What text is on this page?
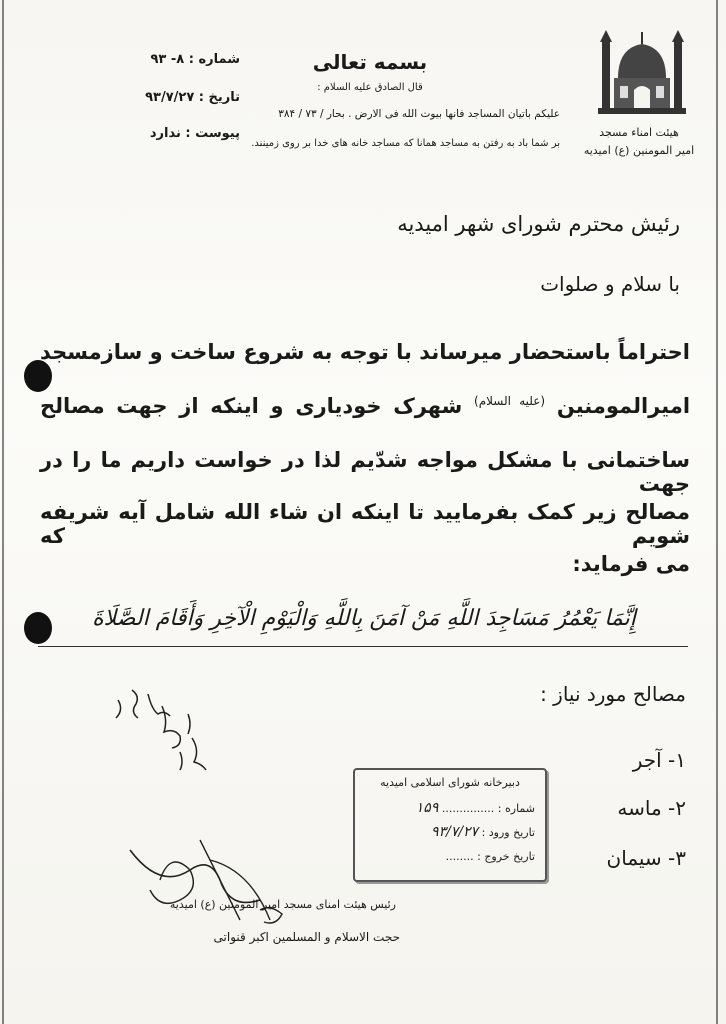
هیئت امناء مسجد
امیر المومنین (ع) امیدیه
بسمه تعالی
قال الصادق علیه السلام :
علیکم باتیان المساجد فانها بیوت الله فی الارض . بحار / ۷۳ / ۳۸۴
بر شما باد به رفتن به مساجد همانا که مساجد خانه های خدا بر روی زمینند.
شماره : ۸- ۹۳
تاریخ : ۹۳/۷/۲۷
پیوست : ندارد
رئیش محترم شورای شهر امیدیه
با سلام و صلوات
احتراماً باستحضار میرساند با توجه به شروع ساخت و سازمسجد
امیرالمومنین $^{(علیه السلام)}$ شهرک خودیاری و اینکه از جهت مصالح
ساختمانی با مشکل مواجه شدّیم لذا در خواست داریم ما را در جهت
مصالح زیر کمک بفرمایید تا اینکه ان شاء الله شامل آیه شریفه شویم که
می فرماید:
إِنَّمَا يَعْمُرُ مَسَاجِدَ اللَّهِ مَنْ آمَنَ بِاللَّهِ وَالْيَوْمِ الْآخِرِ وَأَقَامَ الصَّلَاةَ
مصالح مورد نیاز :
۱- آجر
۲- ماسه
۳- سیمان
دبیرخانه شورای اسلامی امیدیه
شماره : ............... ۱۵۹
تاریخ ورود : ۹۳/۷/۲۷
تاریخ خروج : ........
رئیس هیئت امنای مسجد امیر المومنین (ع) امیدیه
حجت الاسلام و المسلمین اکبر قنواتی
